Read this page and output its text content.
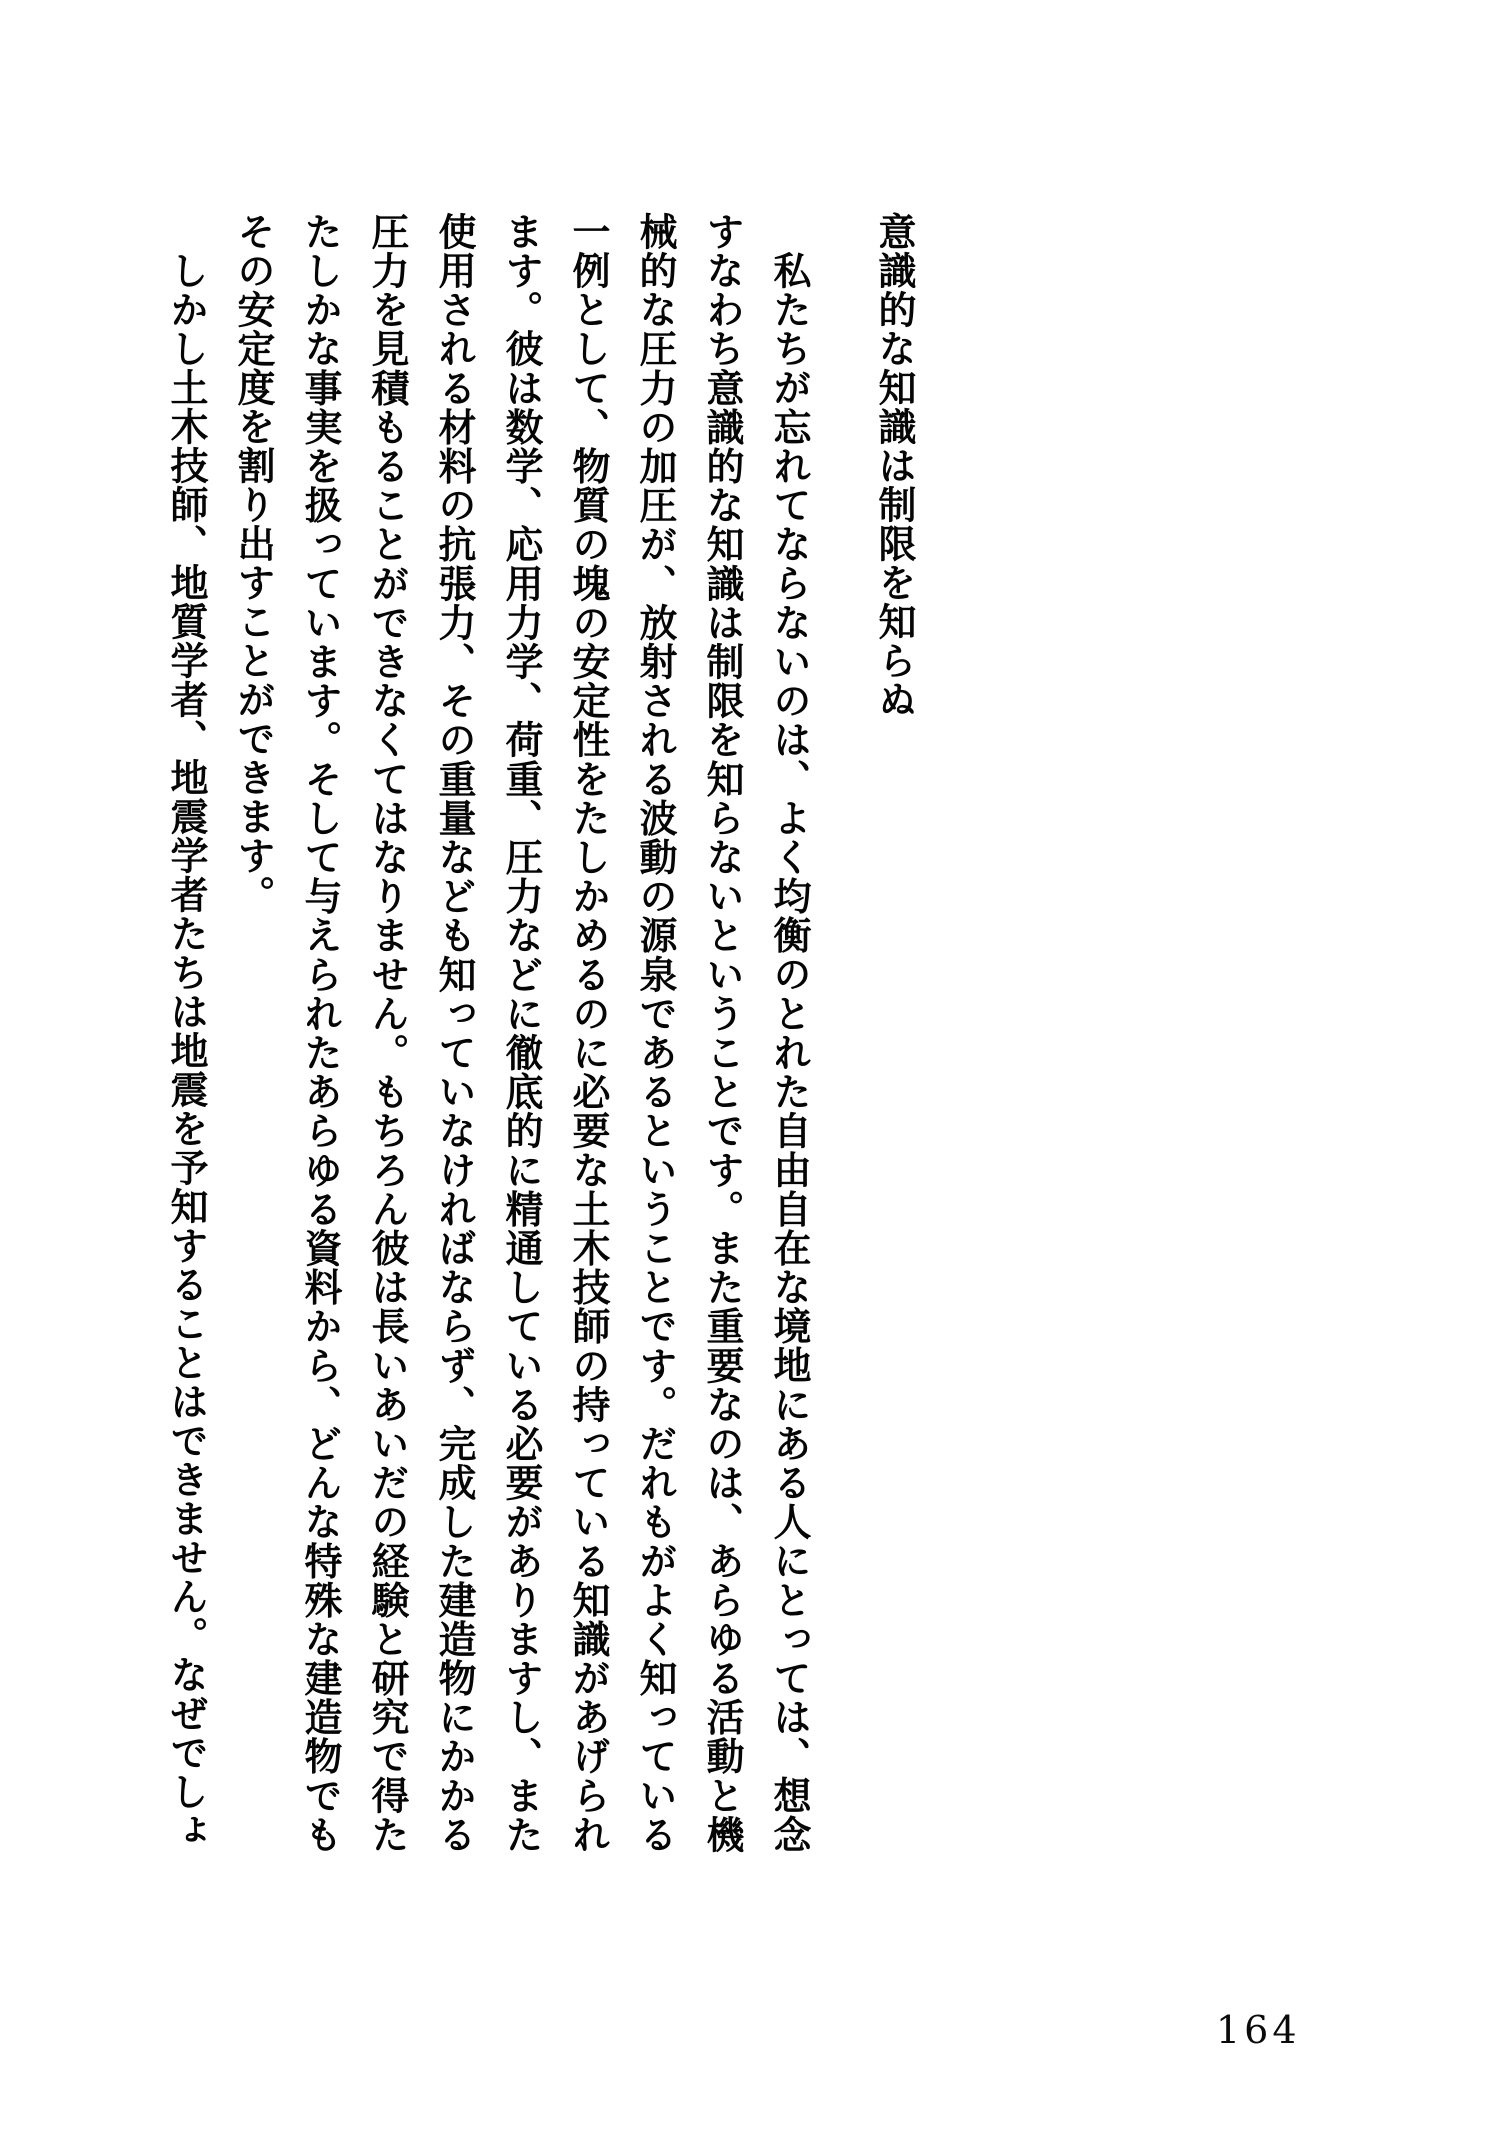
意識的な知識は制限を知らぬ

私たちが忘れてならないのは、よく均衡のとれた自由自在な境地にある人にとっては、想念すなわち意識的な知識は制限を知らないということです。また重要なのは、あらゆる活動と機械的な圧力の加圧が、放射される波動の源泉であるということです。だれもがよく知っている一例として、物質の塊の安定性をたしかめるのに必要な土木技師の持っている知識があげられます。彼は数学、応用力学、荷重、圧力などに徹底的に精通している必要がありますし、また使用される材料の抗張力、その重量なども知っていなければならず、完成した建造物にかかる圧力を見積もることができなくてはなりません。もちろん彼は長いあいだの経験と研究で得たたしかな事実を扱っています。そして与えられたあらゆる資料から、どんな特殊な建造物でもその安定度を割り出すことができます。

しかし土木技師、地質学者、地震学者たちは地震を予知することはできません。なぜでしょ

164
